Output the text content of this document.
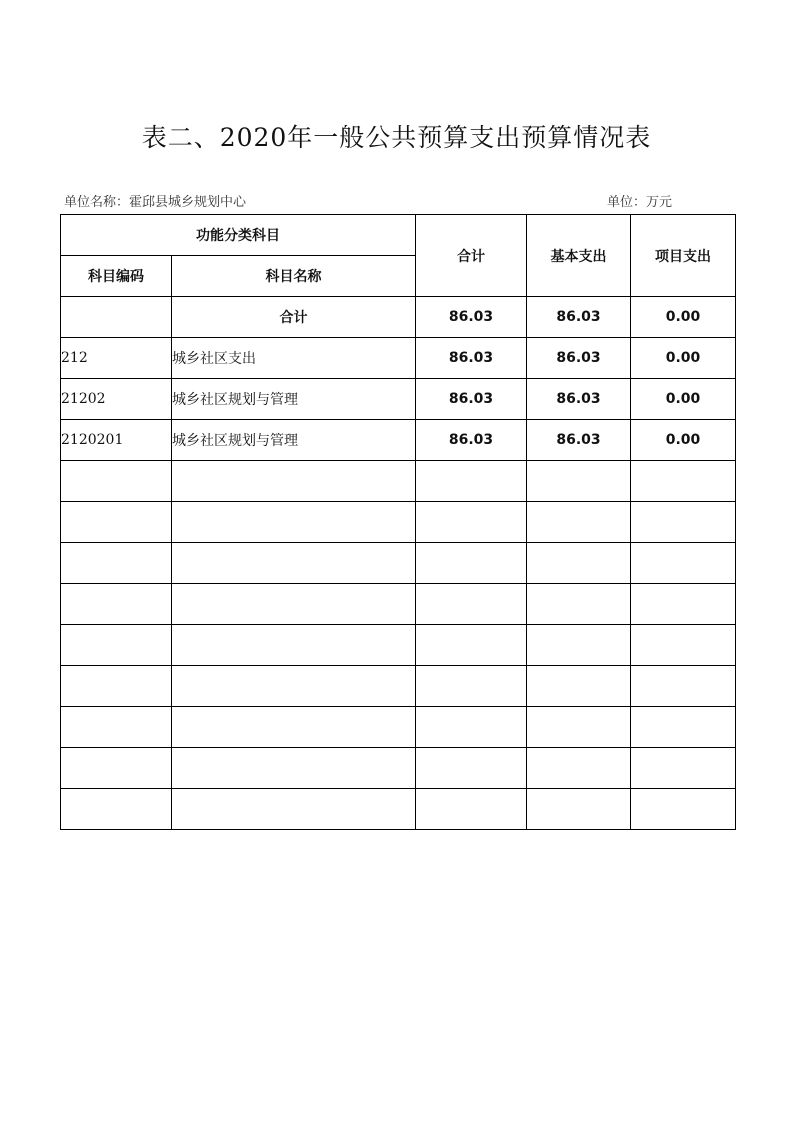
表二、2020年一般公共预算支出预算情况表
单位名称：霍邱县城乡规划中心	单位：万元
功能分类科目		合计	基本支出	项目支出
科目编码	科目名称			
	合计	86.03	86.03	0.00
212	城乡社区支出	86.03	86.03	0.00
21202	城乡社区规划与管理	86.03	86.03	0.00
2120201	城乡社区规划与管理	86.03	86.03	0.00
